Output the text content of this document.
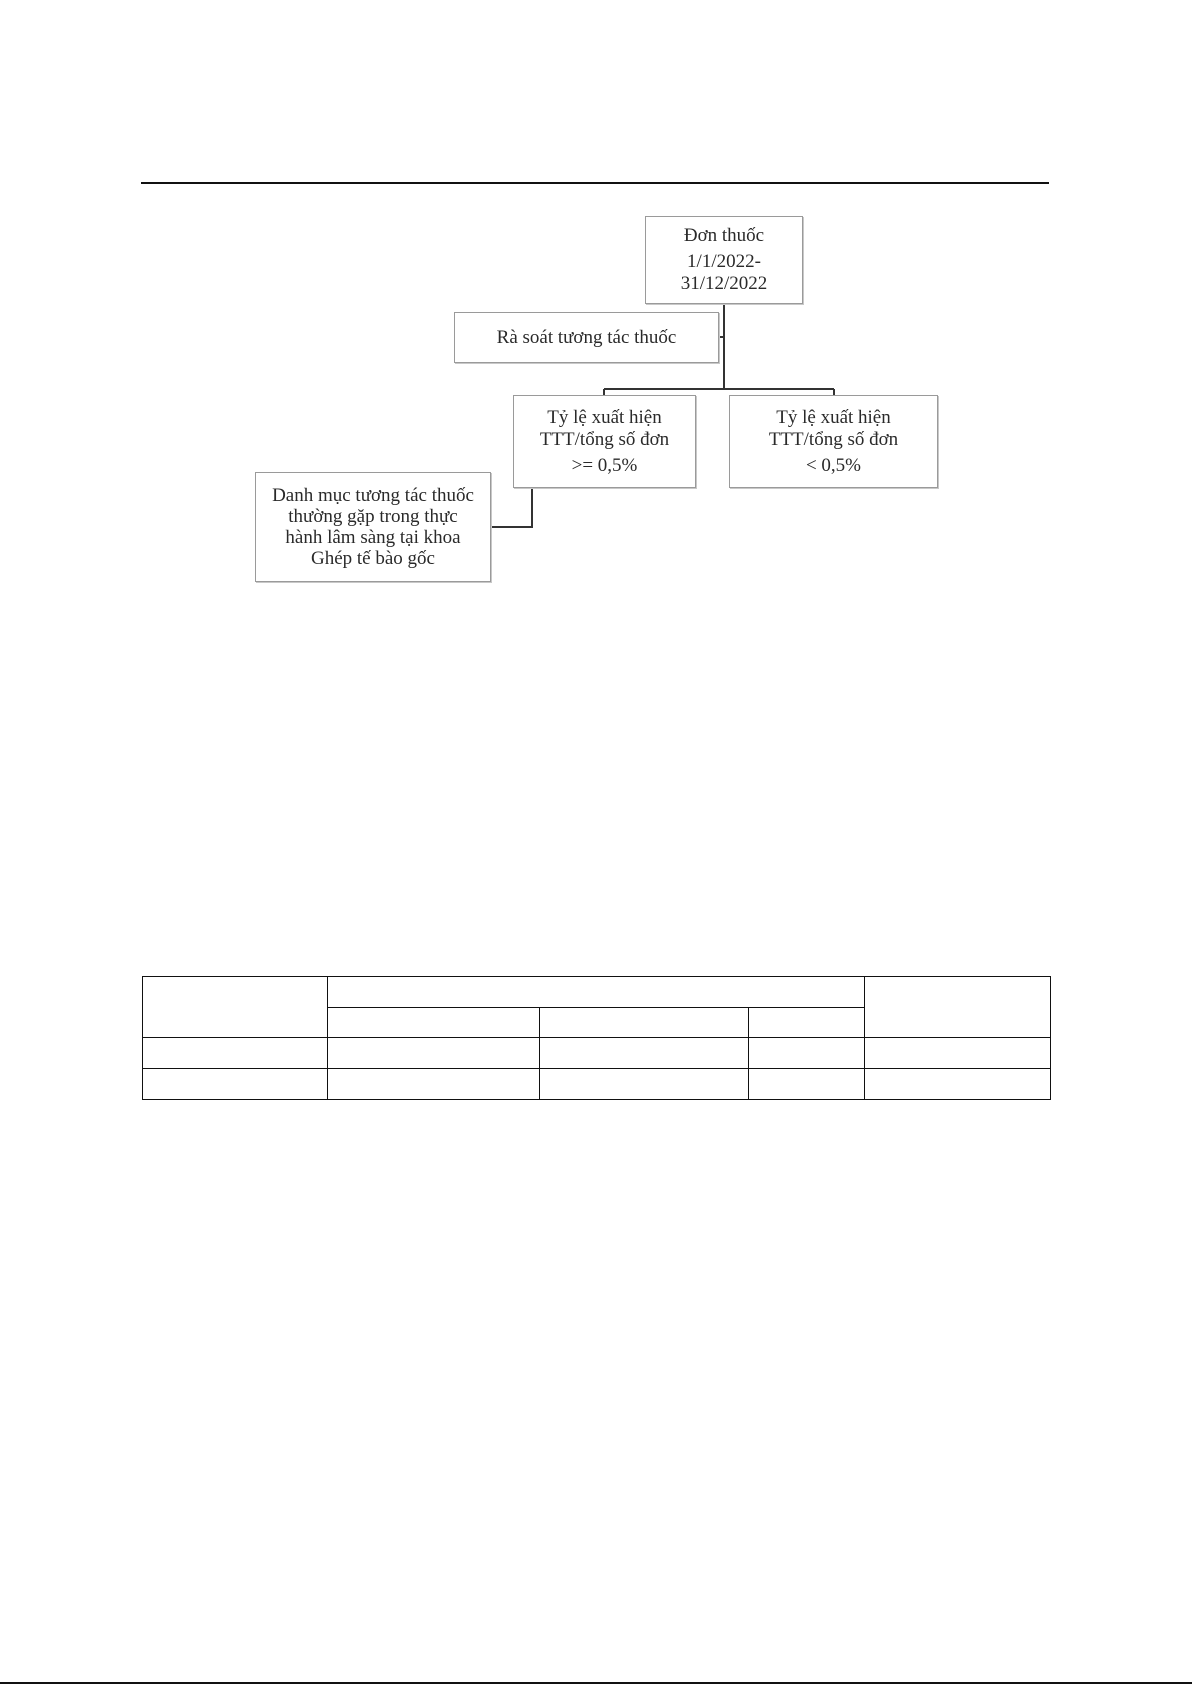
Đơn thuốc
1/1/2022-
31/12/2022
Rà soát tương tác thuốc
Tỷ lệ xuất hiện
TTT/tổng số đơn
>= 0,5%
Tỷ lệ xuất hiện
TTT/tổng số đơn
< 0,5%
Danh mục tương tác thuốc
thường gặp trong thực
hành lâm sàng tại khoa
Ghép tế bào gốc
